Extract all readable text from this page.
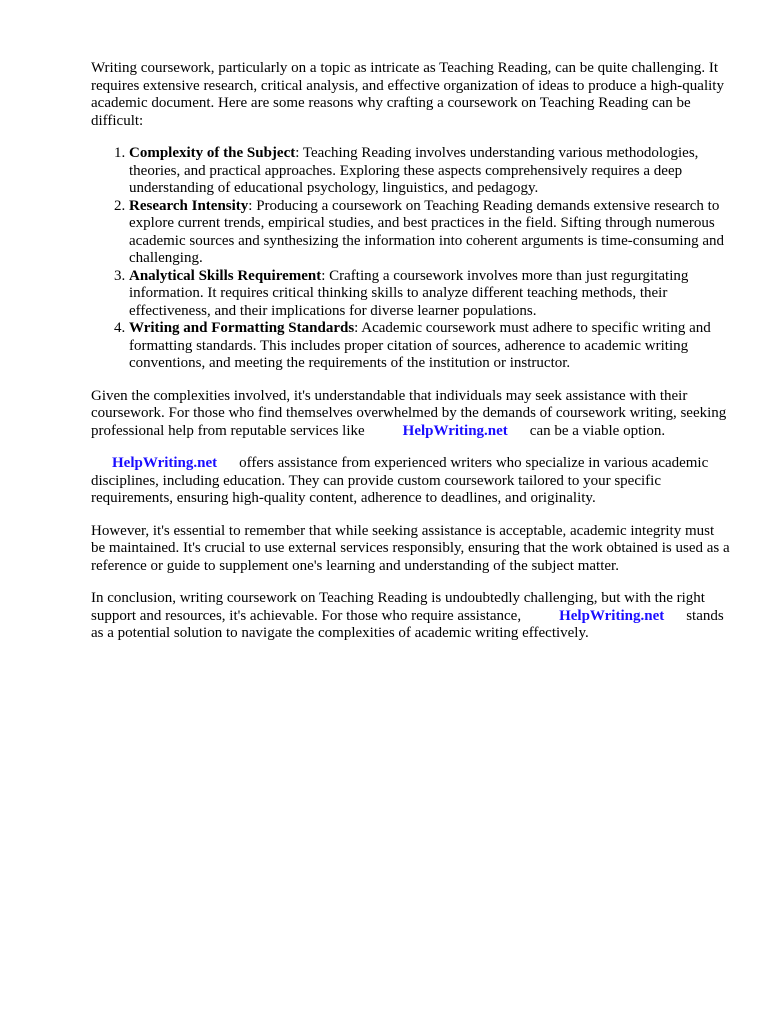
Writing coursework, particularly on a topic as intricate as Teaching Reading, can be quite challenging. It requires extensive research, critical analysis, and effective organization of ideas to produce a high-quality academic document. Here are some reasons why crafting a coursework on Teaching Reading can be difficult:

1. Complexity of the Subject: Teaching Reading involves understanding various methodologies, theories, and practical approaches. Exploring these aspects comprehensively requires a deep understanding of educational psychology, linguistics, and pedagogy.
2. Research Intensity: Producing a coursework on Teaching Reading demands extensive research to explore current trends, empirical studies, and best practices in the field. Sifting through numerous academic sources and synthesizing the information into coherent arguments is time-consuming and challenging.
3. Analytical Skills Requirement: Crafting a coursework involves more than just regurgitating information. It requires critical thinking skills to analyze different teaching methods, their effectiveness, and their implications for diverse learner populations.
4. Writing and Formatting Standards: Academic coursework must adhere to specific writing and formatting standards. This includes proper citation of sources, adherence to academic writing conventions, and meeting the requirements of the institution or instructor.

Given the complexities involved, it's understandable that individuals may seek assistance with their coursework. For those who find themselves overwhelmed by the demands of coursework writing, seeking professional help from reputable services like	HelpWriting.net can be a viable option.

HelpWriting.net offers assistance from experienced writers who specialize in various academic disciplines, including education. They can provide custom coursework tailored to your specific requirements, ensuring high-quality content, adherence to deadlines, and originality.

However, it's essential to remember that while seeking assistance is acceptable, academic integrity must be maintained. It's crucial to use external services responsibly, ensuring that the work obtained is used as a reference or guide to supplement one's learning and understanding of the subject matter.

In conclusion, writing coursework on Teaching Reading is undoubtedly challenging, but with the right support and resources, it's achievable. For those who require assistance,	HelpWriting.net stands as a potential solution to navigate the complexities of academic writing effectively.
